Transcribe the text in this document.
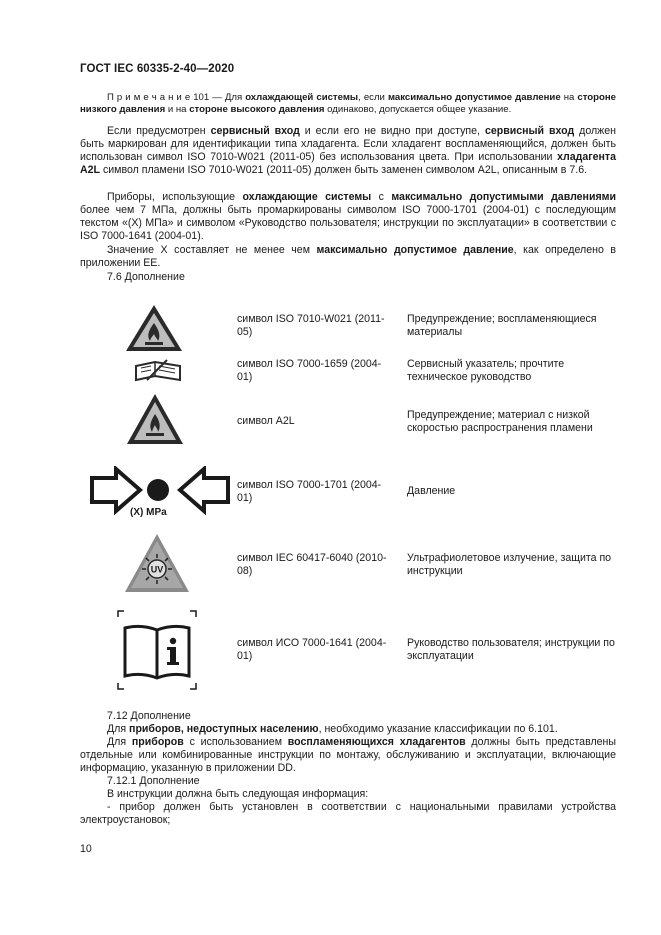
ГОСТ IEC 60335-2-40—2020

П р и м е ч а н и е 101 — Для охлаждающей системы, если максимально допустимое давление на стороне низкого давления и на стороне высокого давления одинаково, допускается общее указание.

Если предусмотрен сервисный вход и если его не видно при доступе, сервисный вход должен быть маркирован для идентификации типа хладагента. Если хладагент воспламеняющийся, должен быть использован символ ISO 7010-W021 (2011-05) без использования цвета. При использовании хладагента A2L символ пламени ISO 7010-W021 (2011-05) должен быть заменен символом A2L, описанным в 7.6.

Приборы, использующие охлаждающие системы с максимально допустимыми давлениями более чем 7 МПа, должны быть промаркированы символом ISO 7000-1701 (2004-01) с последующим текстом «(X) МПа» и символом «Руководство пользователя; инструкции по эксплуатации» в соответствии с ISO 7000-1641 (2004-01).

Значение X составляет не менее чем максимально допустимое давление, как определено в приложении EE.

7.6 Дополнение
(X) MPa
UV
символ ISO 7010-W021 (2011-05)
Предупреждение; воспламеняющиеся материалы
символ ISO 7000-1659 (2004-01)
Сервисный указатель; прочтите техническое руководство
символ A2L	Предупреждение; материал с низкой скоростью распространения пламени
символ ISO 7000-1701 (2004-01)
Давление
символ IEC 60417-6040 (2010-08)
Ультрафиолетовое излучение, защита по инструкции
символ ИСО 7000-1641 (2004-01)
Руководство пользователя; инструкции по эксплуатации
7.12 Дополнение

Для приборов, недоступных населению, необходимо указание классификации по 6.101.

Для приборов с использованием воспламеняющихся хладагентов должны быть представлены отдельные или комбинированные инструкции по монтажу, обслуживанию и эксплуатации, включающие информацию, указанную в приложении DD.

7.12.1 Дополнение

В инструкции должна быть следующая информация:

- прибор должен быть установлен в соответствии с национальными правилами устройства электроустановок;

10
